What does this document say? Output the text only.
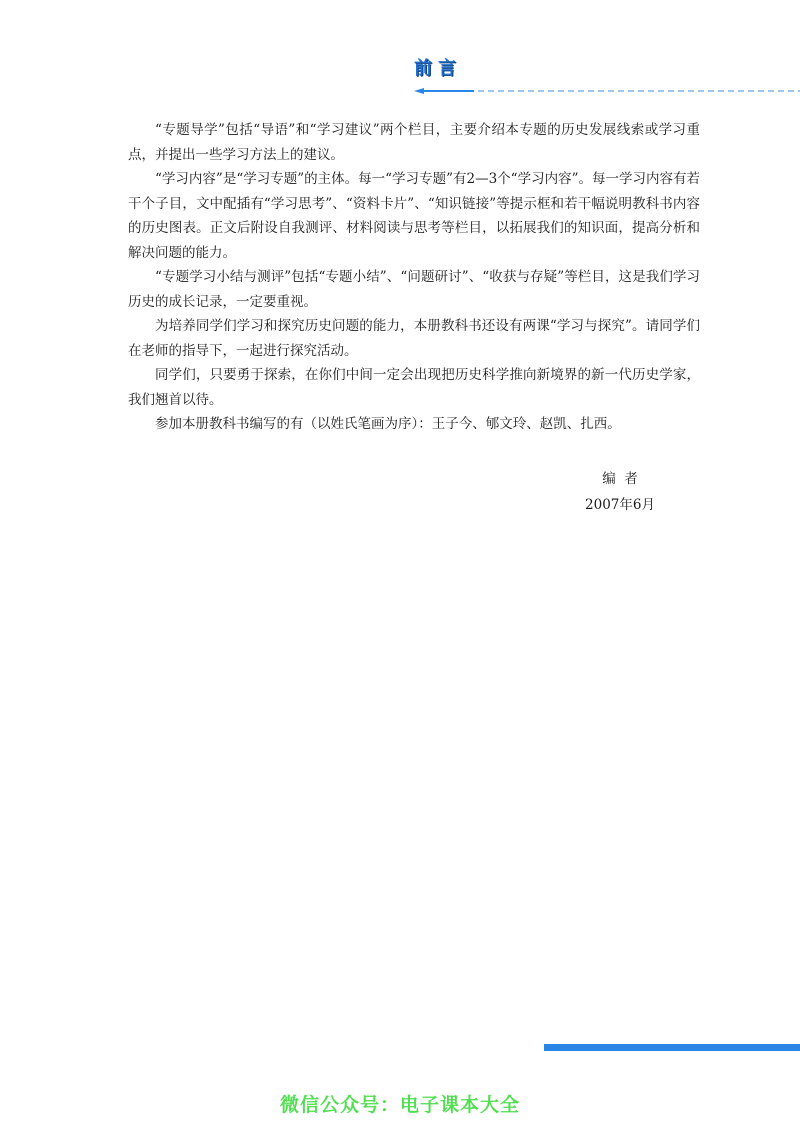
前言

“专题导学”包括“导语”和“学习建议”两个栏目，主要介绍本专题的历史发展线索或学习重点，并提出一些学习方法上的建议。

“学习内容”是“学习专题”的主体。每一“学习专题”有2—3个“学习内容”。每一学习内容有若干个子目，文中配插有“学习思考”、“资料卡片”、“知识链接”等提示框和若干幅说明教科书内容的历史图表。正文后附设自我测评、材料阅读与思考等栏目，以拓展我们的知识面，提高分析和解决问题的能力。

“专题学习小结与测评”包括“专题小结”、“问题研讨”、“收获与存疑”等栏目，这是我们学习历史的成长记录，一定要重视。

为培养同学们学习和探究历史问题的能力，本册教科书还设有两课“学习与探究”。请同学们在老师的指导下，一起进行探究活动。

同学们，只要勇于探索，在你们中间一定会出现把历史科学推向新境界的新一代历史学家，我们翘首以待。

参加本册教科书编写的有（以姓氏笔画为序）：王子今、郇文玲、赵凯、扎西。

编  者
2007年6月
微信公众号：电子课本大全
